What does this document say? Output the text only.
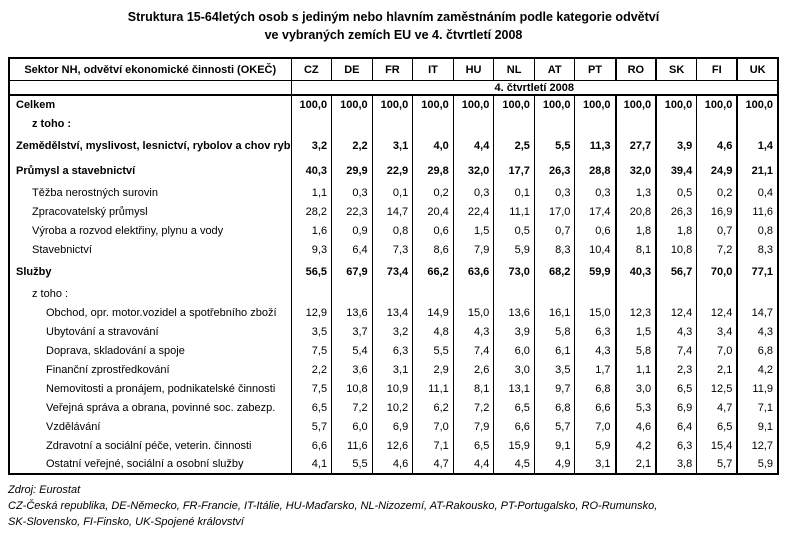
Struktura 15-64letých osob s jediným nebo hlavním zaměstnáním podle kategorie odvětví
ve vybraných zemích EU ve 4. čtvrtletí 2008
Sektor NH, odvětví ekonomické činnosti (OKEČ)	CZ	DE	FR	IT	HU	NL	AT	PT	RO	SK	FI	UK
	4. čtvrtletí 2008											
Celkem	100,0	100,0	100,0	100,0	100,0	100,0	100,0	100,0	100,0	100,0	100,0	100,0
z toho :												
Zemědělství, myslivost, lesnictví, rybolov a chov ryb	3,2	2,2	3,1	4,0	4,4	2,5	5,5	11,3	27,7	3,9	4,6	1,4
Průmysl a stavebnictví	40,3	29,9	22,9	29,8	32,0	17,7	26,3	28,8	32,0	39,4	24,9	21,1
Těžba nerostných surovin	1,1	0,3	0,1	0,2	0,3	0,1	0,3	0,3	1,3	0,5	0,2	0,4
Zpracovatelský průmysl	28,2	22,3	14,7	20,4	22,4	11,1	17,0	17,4	20,8	26,3	16,9	11,6
Výroba a rozvod elektřiny, plynu a vody	1,6	0,9	0,8	0,6	1,5	0,5	0,7	0,6	1,8	1,8	0,7	0,8
Stavebnictví	9,3	6,4	7,3	8,6	7,9	5,9	8,3	10,4	8,1	10,8	7,2	8,3
Služby	56,5	67,9	73,4	66,2	63,6	73,0	68,2	59,9	40,3	56,7	70,0	77,1
z toho :												
Obchod, opr. motor.vozidel a spotřebního zboží	12,9	13,6	13,4	14,9	15,0	13,6	16,1	15,0	12,3	12,4	12,4	14,7
Ubytování a stravování	3,5	3,7	3,2	4,8	4,3	3,9	5,8	6,3	1,5	4,3	3,4	4,3
Doprava, skladování a spoje	7,5	5,4	6,3	5,5	7,4	6,0	6,1	4,3	5,8	7,4	7,0	6,8
Finanční zprostředkování	2,2	3,6	3,1	2,9	2,6	3,0	3,5	1,7	1,1	2,3	2,1	4,2
Nemovitosti a pronájem, podnikatelské činnosti	7,5	10,8	10,9	11,1	8,1	13,1	9,7	6,8	3,0	6,5	12,5	11,9
Veřejná správa a obrana, povinné soc. zabezp.	6,5	7,2	10,2	6,2	7,2	6,5	6,8	6,6	5,3	6,9	4,7	7,1
Vzdělávání	5,7	6,0	6,9	7,0	7,9	6,6	5,7	7,0	4,6	6,4	6,5	9,1
Zdravotní a sociální péče, veterin. činnosti	6,6	11,6	12,6	7,1	6,5	15,9	9,1	5,9	4,2	6,3	15,4	12,7
Ostatní veřejné, sociální a osobní služby	4,1	5,5	4,6	4,7	4,4	4,5	4,9	3,1	2,1	3,8	5,7	5,9
Zdroj: Eurostat
CZ-Česká republika, DE-Německo, FR-Francie, IT-Itálie, HU-Maďarsko, NL-Nizozemí, AT-Rakousko, PT-Portugalsko, RO-Rumunsko,
SK-Slovensko, FI-Finsko, UK-Spojené království
